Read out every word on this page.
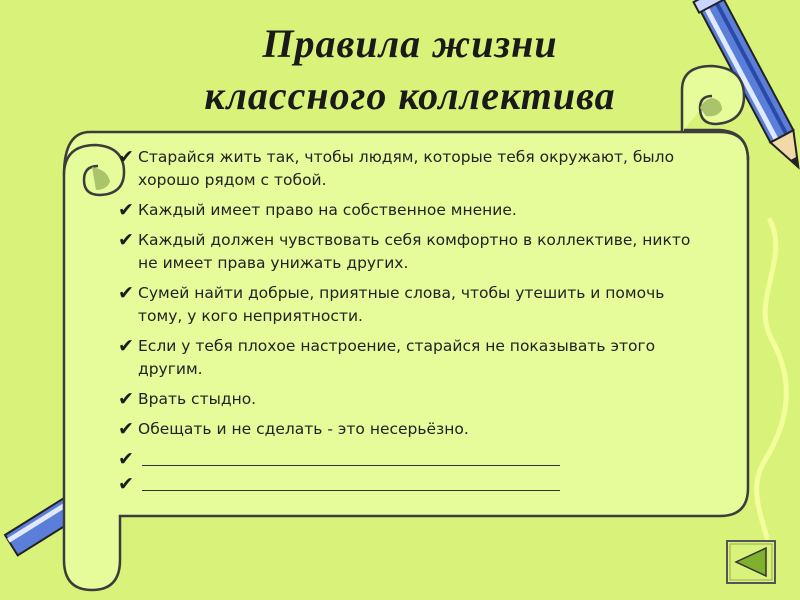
Правила жизни
классного коллектива
✔ Старайся жить так, чтобы людям, которые тебя окружают, было хорошо рядом с тобой.
✔ Каждый имеет право на собственное мнение.
✔ Каждый должен чувствовать себя комфортно в коллективе, никто не имеет права унижать других.
✔ Сумей найти добрые, приятные слова, чтобы утешить и помочь тому, у кого неприятности.
✔ Если у тебя плохое настроение, старайся не показывать этого другим.
✔ Врать стыдно.
✔ Обещать и не сделать - это несерьёзно.
✔
✔
